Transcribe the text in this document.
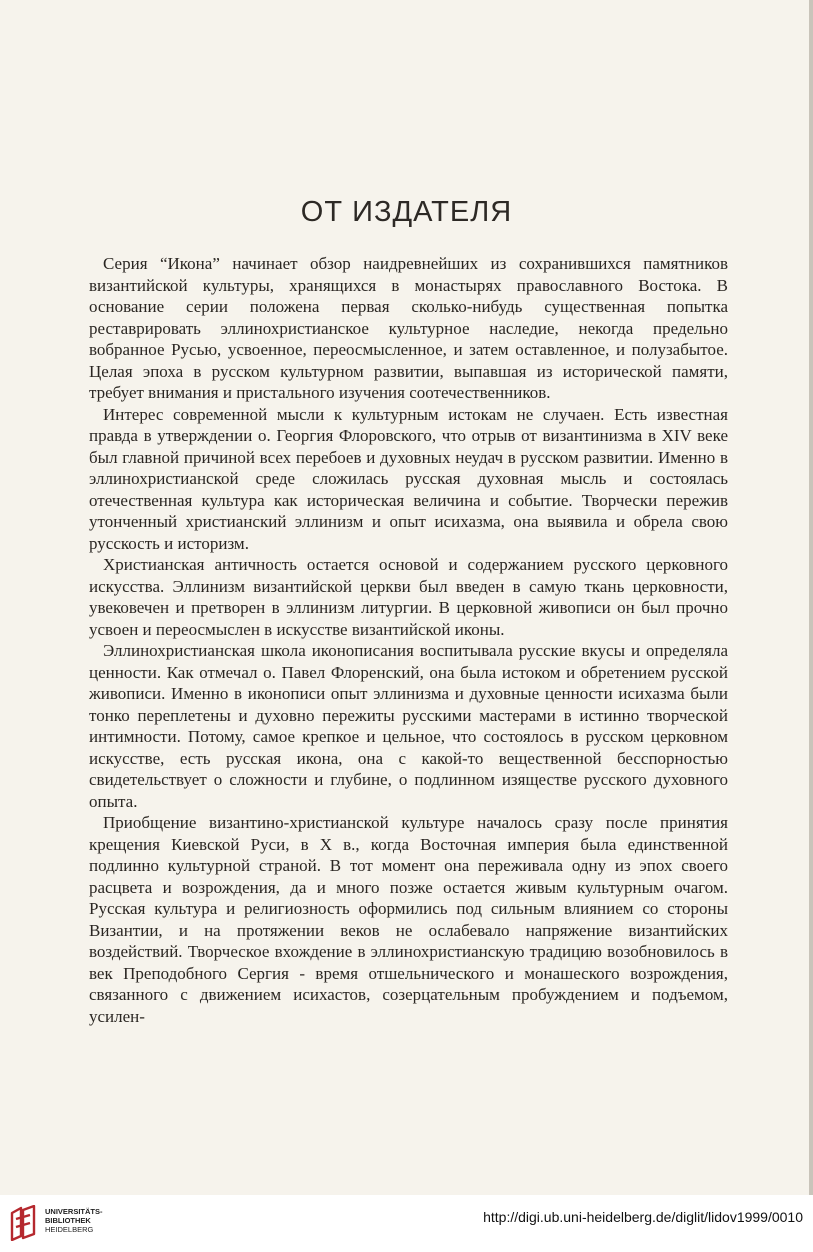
ОТ ИЗДАТЕЛЯ

Серия “Икона” начинает обзор наидревнейших из сохранившихся памятников византийской культуры, хранящихся в монастырях православного Востока. В основание серии положена первая сколько-нибудь существенная попытка реставрировать эллинохристианское культурное наследие, некогда предельно вобранное Русью, усвоенное, переосмысленное, и затем оставленное, и полузабытое. Целая эпоха в русском культурном развитии, выпавшая из исторической памяти, требует внимания и пристального изучения соотечественников.

Интерес современной мысли к культурным истокам не случаен. Есть известная правда в утверждении о. Георгия Флоровского, что отрыв от византинизма в XIV веке был главной причиной всех перебоев и духовных неудач в русском развитии. Именно в эллинохристианской среде сложилась русская духовная мысль и состоялась отечественная культура как историческая величина и событие. Творчески пережив утонченный христианский эллинизм и опыт исихазма, она выявила и обрела свою русскость и историзм.

Христианская античность остается основой и содержанием русского церковного искусства. Эллинизм византийской церкви был введен в самую ткань церковности, увековечен и претворен в эллинизм литургии. В церковной живописи он был прочно усвоен и переосмыслен в искусстве византийской иконы.

Эллинохристианская школа иконописания воспитывала русские вкусы и определяла ценности. Как отмечал о. Павел Флоренский, она была истоком и обретением русской живописи. Именно в иконописи опыт эллинизма и духовные ценности исихазма были тонко переплетены и духовно пережиты русскими мастерами в истинно творческой интимности. Потому, самое крепкое и цельное, что состоялось в русском церковном искусстве, есть русская икона, она с какой-то вещественной бесспорностью свидетельствует о сложности и глубине, о подлинном изяществе русского духовного опыта.

Приобщение византино-христианской культуре началось сразу после принятия крещения Киевской Руси, в X в., когда Восточная империя была единственной подлинно культурной страной. В тот момент она переживала одну из эпох своего расцвета и возрождения, да и много позже остается живым культурным очагом. Русская культура и религиозность оформились под сильным влиянием со стороны Византии, и на протяжении веков не ослабевало напряжение византийских воздействий. Творческое вхождение в эллинохристианскую традицию возобновилось в век Преподобного Сергия - время отшельнического и монашеского возрождения, связанного с движением исихастов, созерцательным пробуждением и подъемом, усилен-

UNIVERSITÄTS-
BIBLIOTHEK
HEIDELBERG
http://digi.ub.uni-heidelberg.de/diglit/lidov1999/0010
